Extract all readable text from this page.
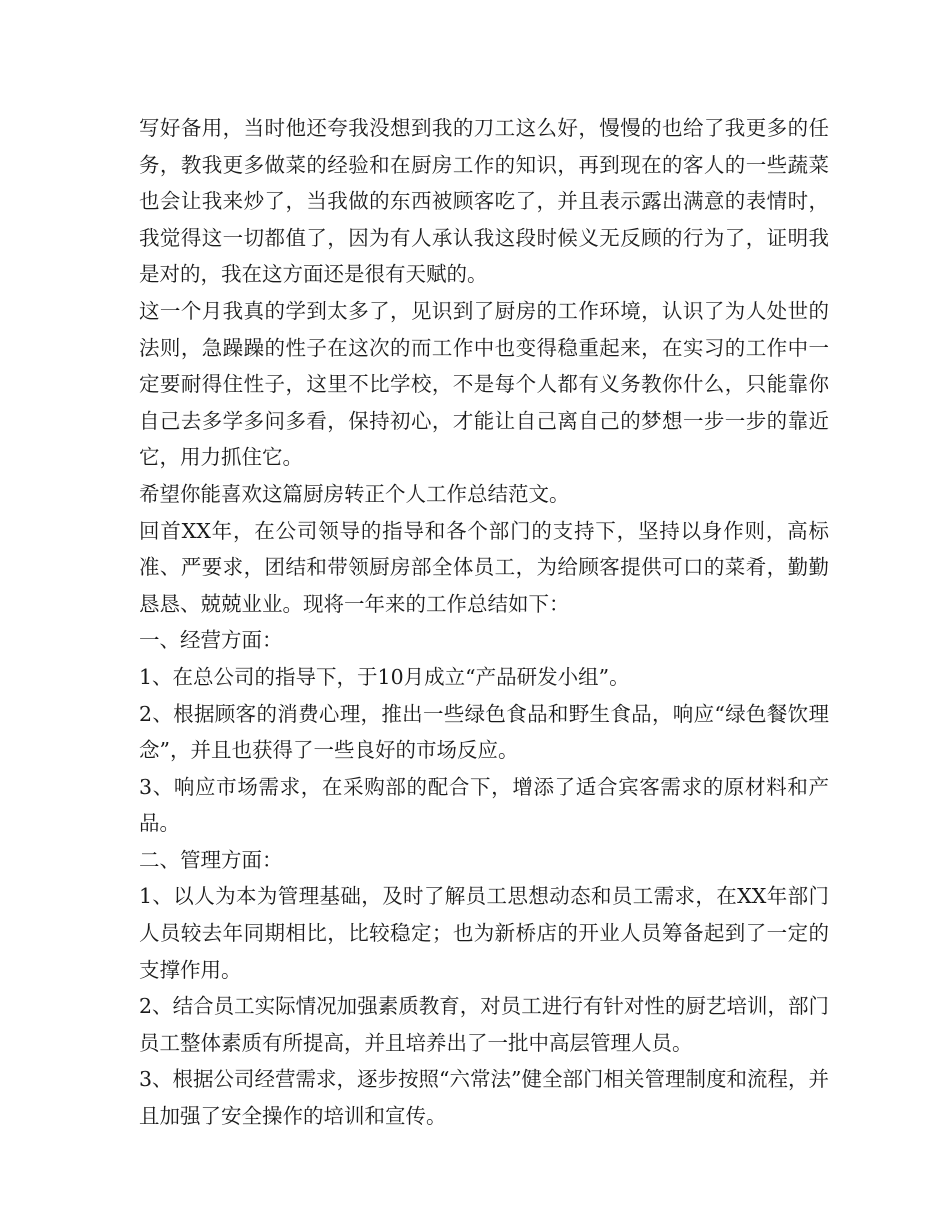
写好备用，当时他还夸我没想到我的刀工这么好，慢慢的也给了我更多的任务，教我更多做菜的经验和在厨房工作的知识，再到现在的客人的一些蔬菜也会让我来炒了，当我做的东西被顾客吃了，并且表示露出满意的表情时，我觉得这一切都值了，因为有人承认我这段时候义无反顾的行为了，证明我是对的，我在这方面还是很有天赋的。

这一个月我真的学到太多了，见识到了厨房的工作环境，认识了为人处世的法则，急躁躁的性子在这次的而工作中也变得稳重起来，在实习的工作中一定要耐得住性子，这里不比学校，不是每个人都有义务教你什么，只能靠你自己去多学多问多看，保持初心，才能让自己离自己的梦想一步一步的靠近它，用力抓住它。

希望你能喜欢这篇厨房转正个人工作总结范文。

回首XX年，在公司领导的指导和各个部门的支持下，坚持以身作则，高标准、严要求，团结和带领厨房部全体员工，为给顾客提供可口的菜肴，勤勤恳恳、兢兢业业。现将一年来的工作总结如下：

一、经营方面：

1、在总公司的指导下，于10月成立“产品研发小组”。

2、根据顾客的消费心理，推出一些绿色食品和野生食品，响应“绿色餐饮理念”，并且也获得了一些良好的市场反应。

3、响应市场需求，在采购部的配合下，增添了适合宾客需求的原材料和产品。

二、管理方面：

1、以人为本为管理基础，及时了解员工思想动态和员工需求，在XX年部门人员较去年同期相比，比较稳定；也为新桥店的开业人员筹备起到了一定的支撑作用。

2、结合员工实际情况加强素质教育，对员工进行有针对性的厨艺培训，部门员工整体素质有所提高，并且培养出了一批中高层管理人员。

3、根据公司经营需求，逐步按照“六常法”健全部门相关管理制度和流程，并且加强了安全操作的培训和宣传。
